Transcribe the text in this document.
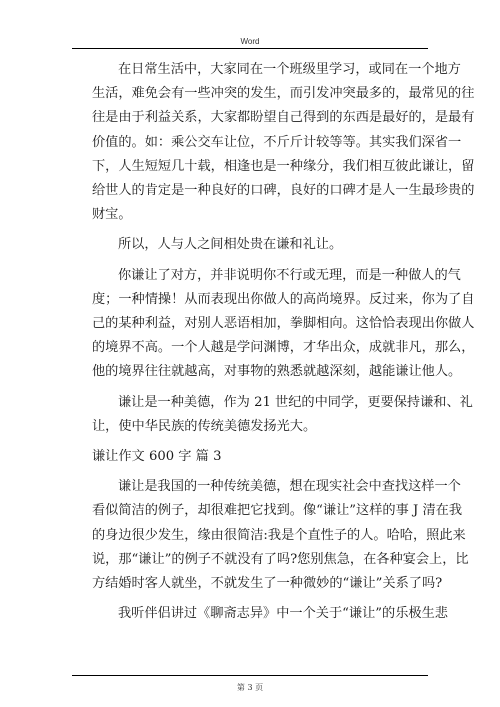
Word
在日常生活中，大家同在一个班级里学习，或同在一个地方
生活，难免会有一些冲突的发生，而引发冲突最多的，最常见的往
往是由于利益关系，大家都盼望自己得到的东西是最好的，是最有
价值的。如：乘公交车让位，不斤斤计较等等。其实我们深省一
下，人生短短几十载，相逢也是一种缘分，我们相互彼此谦让，留
给世人的肯定是一种良好的口碑，良好的口碑才是人一生最珍贵的
财宝。
所以，人与人之间相处贵在谦和礼让。
你谦让了对方，并非说明你不行或无理，而是一种做人的气
度；一种情操！从而表现出你做人的高尚境界。反过来，你为了自
己的某种利益，对别人恶语相加，拳脚相向。这恰恰表现出你做人
的境界不高。一个人越是学问渊博，才华出众，成就非凡，那么，
他的境界往往就越高，对事物的熟悉就越深刻，越能谦让他人。
谦让是一种美德，作为 21 世纪的中同学，更要保持谦和、礼
让，使中华民族的传统美德发扬光大。
谦让作文 600 字 篇 3
谦让是我国的一种传统美德，想在现实社会中查找这样一个
看似简洁的例子，却很难把它找到。像“谦让”这样的事 J 清在我
的身边很少发生，缘由很简洁:我是个直性子的人。哈哈，照此来
说，那“谦让”的例子不就没有了吗?您别焦急，在各种宴会上，比
方结婚时客人就坐，不就发生了一种微妙的“谦让”关系了吗?
我听伴侣讲过《聊斋志异》中一个关于“谦让”的乐极生悲
第 3 页
